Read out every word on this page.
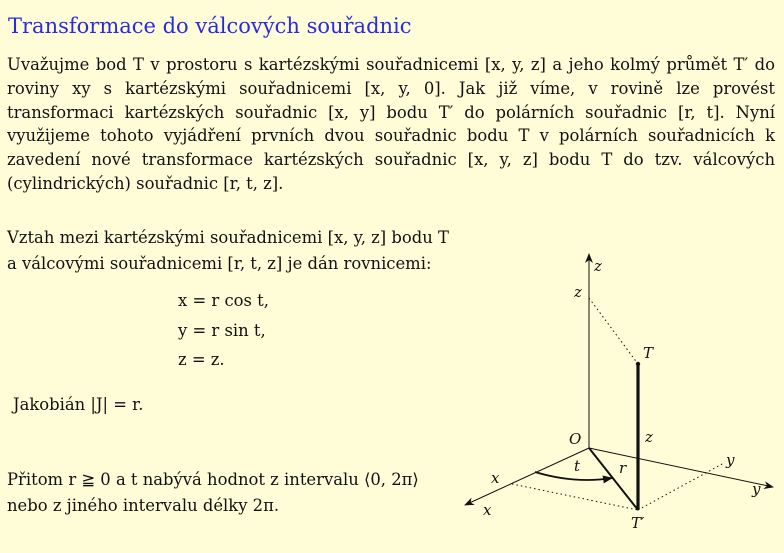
Transformace do válcových souřadnic

Uvažujme bod T v prostoru s kartézskými souřadnicemi [x, y, z] a jeho kolmý průmět T′ do roviny xy s kartézskými souřadnicemi [x, y, 0]. Jak již víme, v rovině lze provést transformaci kartézských souřadnic [x, y] bodu T′ do polárních souřadnic [r, t]. Nyní využijeme tohoto vyjádření prvních dvou souřadnic bodu T v polárních souřadnicích k zavedení nové transformace kartézských souřadnic [x, y, z] bodu T do tzv. válcových (cylindrických) souřadnic [r, t, z].

Vztah mezi kartézskými souřadnicemi [x, y, z] bodu T a válcovými souřadnicemi [r, t, z] je dán rovnicemi:

x = r cos t,
y = r sin t,
z = z.
Jakobián |J| = r.

Přitom r ≧ 0 a t nabývá hodnot z intervalu ⟨0, 2π⟩ nebo z jiného intervalu délky 2π.

z
z
T
O	z
t	r
x
x
y
y
T′
